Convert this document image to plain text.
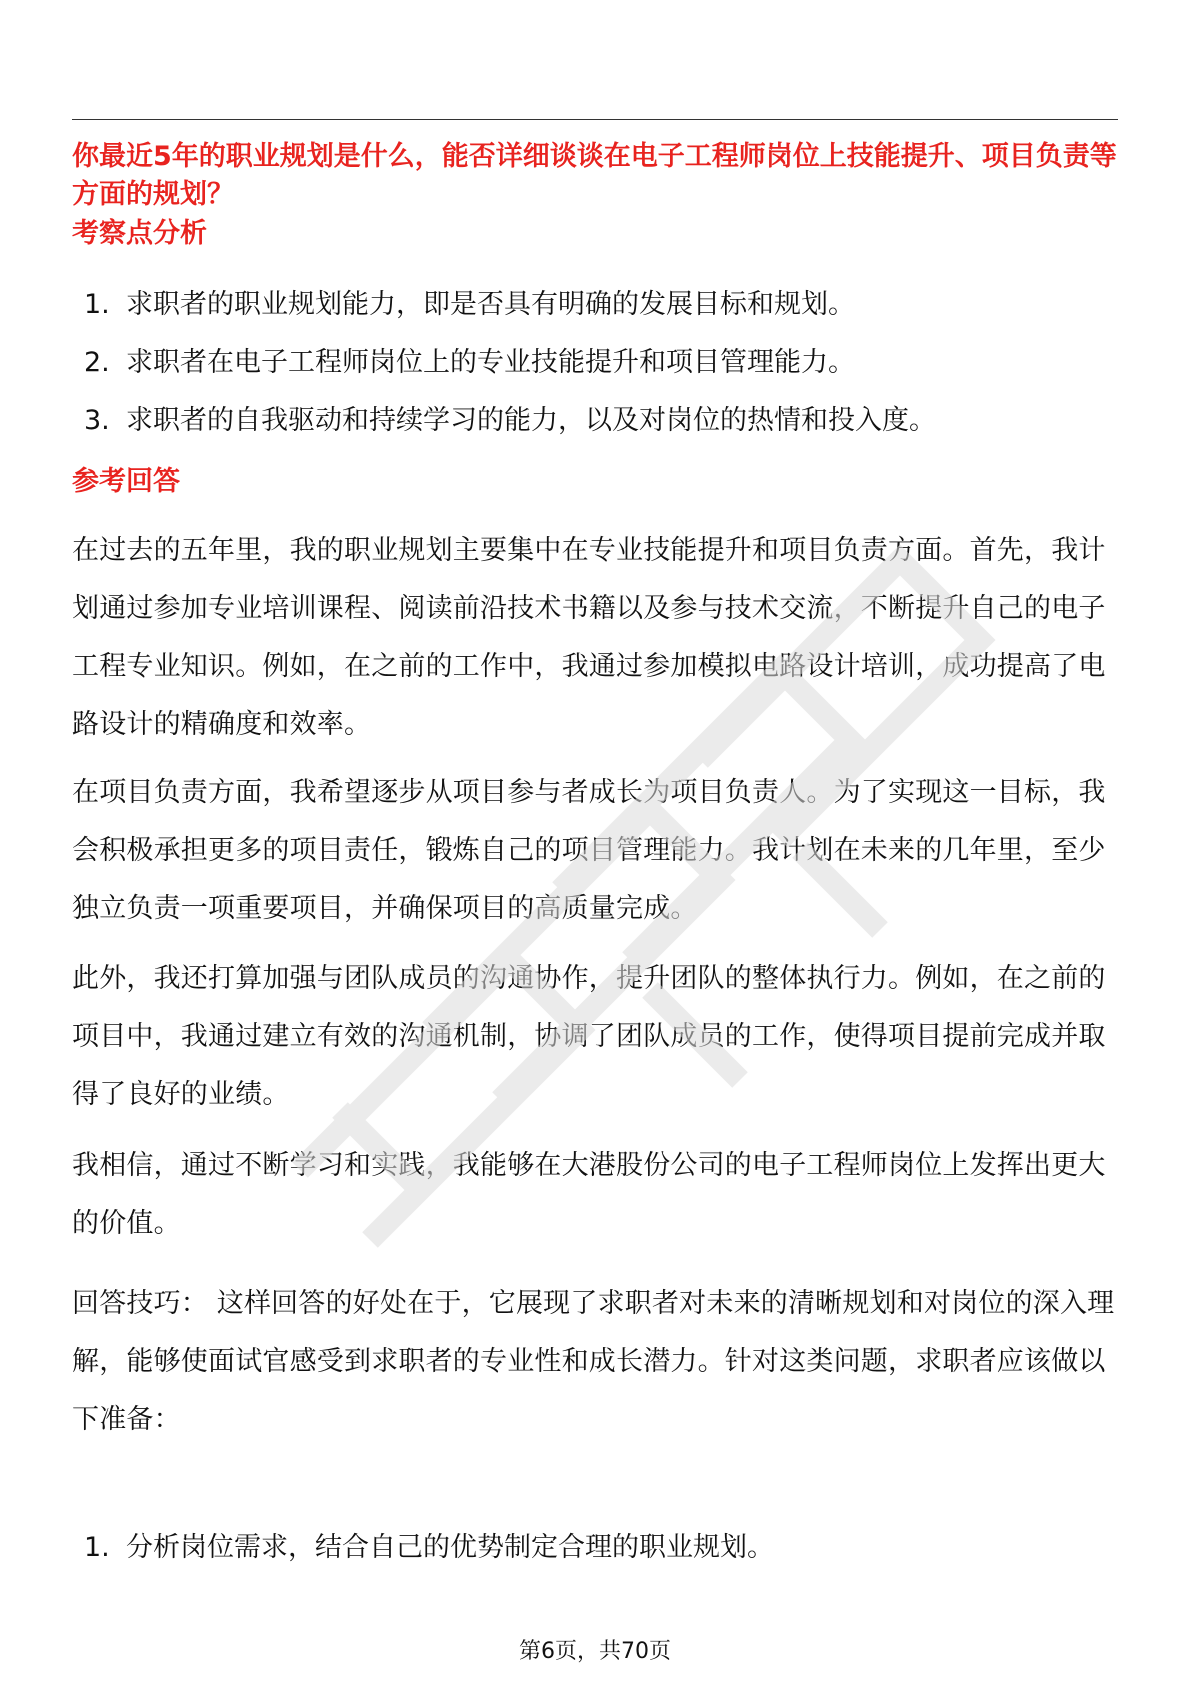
你最近5年的职业规划是什么，能否详细谈谈在电子工程师岗位上技能提升、项目负责等方面的规划？

考察点分析
1. 求职者的职业规划能力，即是否具有明确的发展目标和规划。
2. 求职者在电子工程师岗位上的专业技能提升和项目管理能力。
3. 求职者的自我驱动和持续学习的能力，以及对岗位的热情和投入度。
参考回答

在过去的五年里，我的职业规划主要集中在专业技能提升和项目负责方面。首先，我计划通过参加专业培训课程、阅读前沿技术书籍以及参与技术交流，不断提升自己的电子工程专业知识。例如，在之前的工作中，我通过参加模拟电路设计培训，成功提高了电路设计的精确度和效率。

在项目负责方面，我希望逐步从项目参与者成长为项目负责人。为了实现这一目标，我会积极承担更多的项目责任，锻炼自己的项目管理能力。我计划在未来的几年里，至少独立负责一项重要项目，并确保项目的高质量完成。

此外，我还打算加强与团队成员的沟通协作，提升团队的整体执行力。例如，在之前的项目中，我通过建立有效的沟通机制，协调了团队成员的工作，使得项目提前完成并取得了良好的业绩。

我相信，通过不断学习和实践，我能够在大港股份公司的电子工程师岗位上发挥出更大的价值。

回答技巧： 这样回答的好处在于，它展现了求职者对未来的清晰规划和对岗位的深入理解，能够使面试官感受到求职者的专业性和成长潜力。针对这类问题，求职者应该做以下准备：

1. 分析岗位需求，结合自己的优势制定合理的职业规划。
第6页，共70页
